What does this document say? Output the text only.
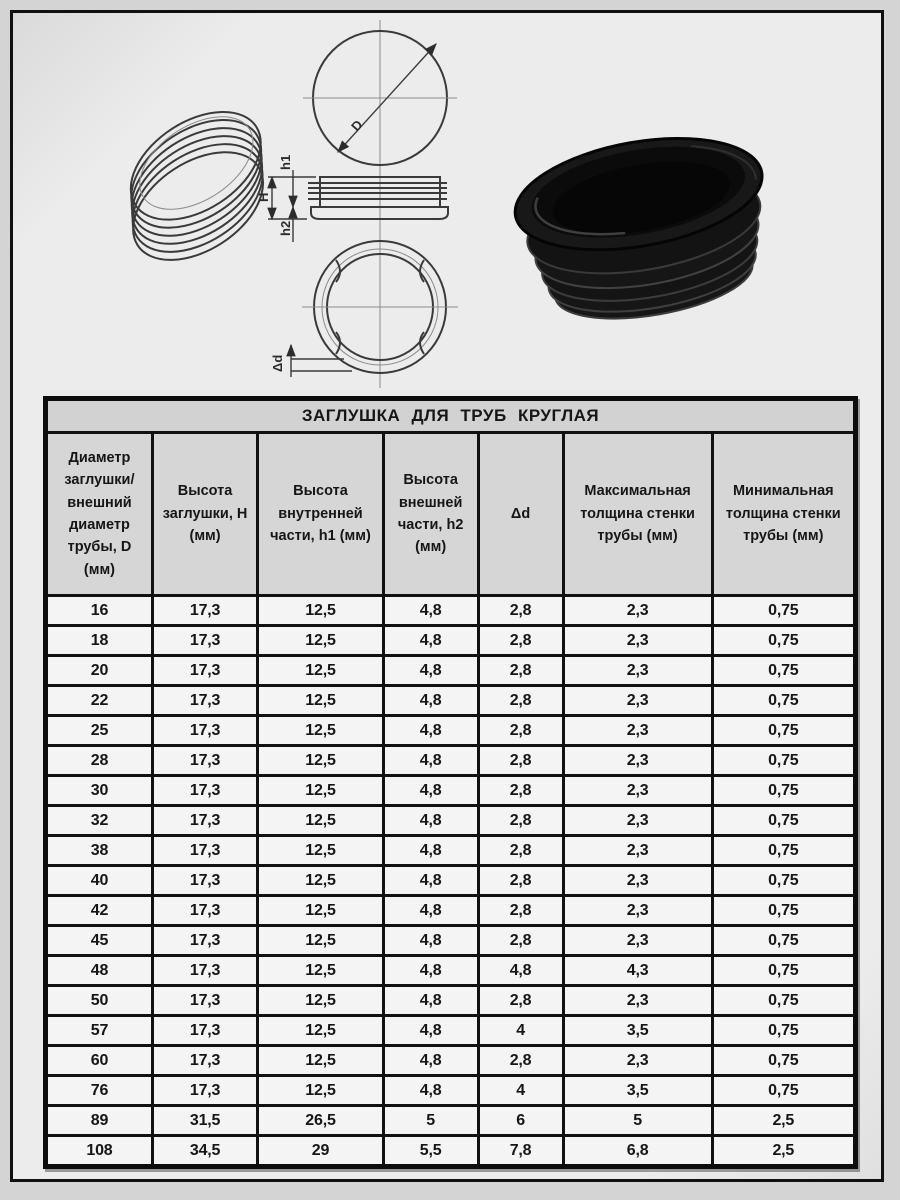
D
H
h1
h2
Δd
ЗАГЛУШКА ДЛЯ ТРУБ КРУГЛАЯ						
Диаметр заглушки/ внешний диаметр трубы, D (мм)	Высота заглушки, H (мм)	Высота внутренней части, h1 (мм)	Высота внешней части, h2 (мм)	Δd	Максимальная толщина стенки трубы (мм)	Минимальная толщина стенки трубы (мм)
16	17,3	12,5	4,8	2,8	2,3	0,75
18	17,3	12,5	4,8	2,8	2,3	0,75
20	17,3	12,5	4,8	2,8	2,3	0,75
22	17,3	12,5	4,8	2,8	2,3	0,75
25	17,3	12,5	4,8	2,8	2,3	0,75
28	17,3	12,5	4,8	2,8	2,3	0,75
30	17,3	12,5	4,8	2,8	2,3	0,75
32	17,3	12,5	4,8	2,8	2,3	0,75
38	17,3	12,5	4,8	2,8	2,3	0,75
40	17,3	12,5	4,8	2,8	2,3	0,75
42	17,3	12,5	4,8	2,8	2,3	0,75
45	17,3	12,5	4,8	2,8	2,3	0,75
48	17,3	12,5	4,8	4,8	4,3	0,75
50	17,3	12,5	4,8	2,8	2,3	0,75
57	17,3	12,5	4,8	4	3,5	0,75
60	17,3	12,5	4,8	2,8	2,3	0,75
76	17,3	12,5	4,8	4	3,5	0,75
89	31,5	26,5	5	6	5	2,5
108	34,5	29	5,5	7,8	6,8	2,5
